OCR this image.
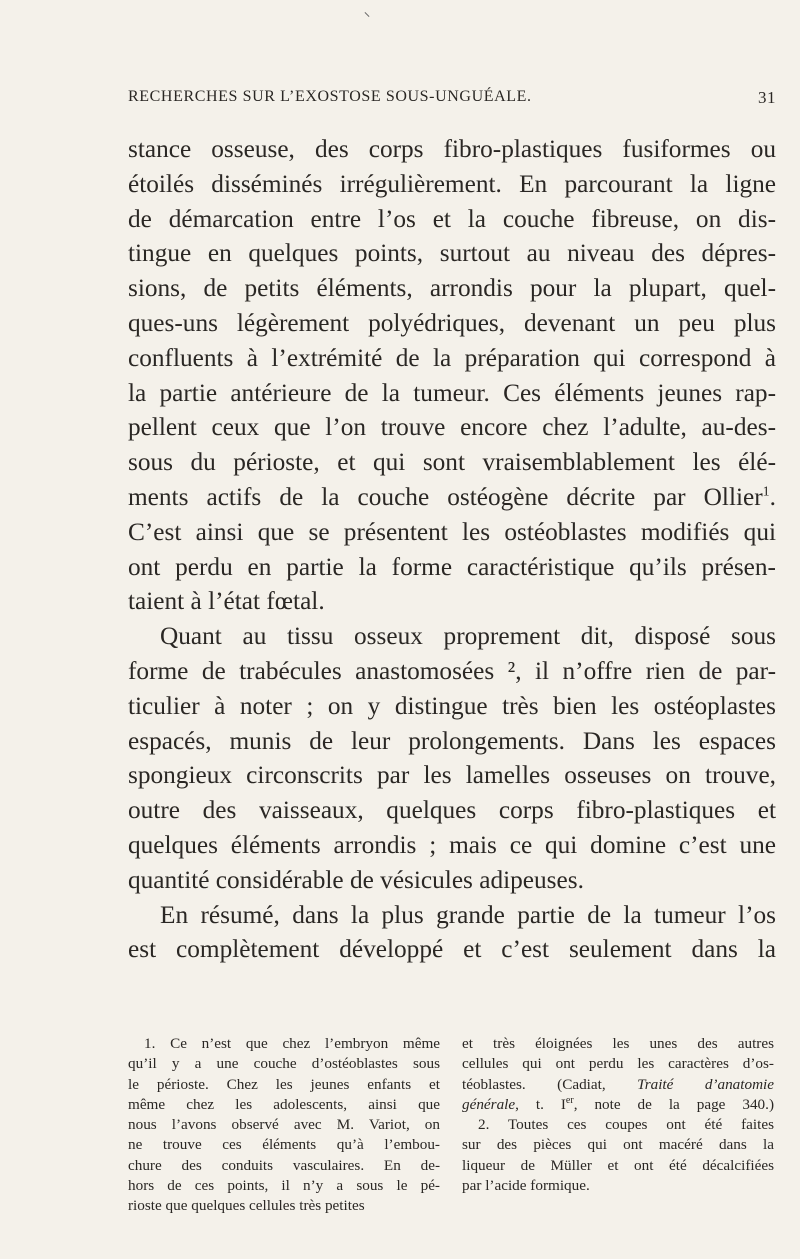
RECHERCHES SUR L’EXOSTOSE SOUS-UNGUÉALE.	31
stance osseuse, des corps fibro-plastiques fusiformes ou
étoilés disséminés irrégulièrement. En parcourant la ligne
de démarcation entre l’os et la couche fibreuse, on dis-
tingue en quelques points, surtout au niveau des dépres-
sions, de petits éléments, arrondis pour la plupart, quel-
ques-uns légèrement polyédriques, devenant un peu plus
confluents à l’extrémité de la préparation qui correspond à
la partie antérieure de la tumeur. Ces éléments jeunes rap-
pellent ceux que l’on trouve encore chez l’adulte, au-des-
sous du périoste, et qui sont vraisemblablement les élé-
ments actifs de la couche ostéogène décrite par Ollier$^1$.
C’est ainsi que se présentent les ostéoblastes modifiés qui
ont perdu en partie la forme caractéristique qu’ils présen-
taient à l’état fœtal.
Quant au tissu osseux proprement dit, disposé sous
forme de trabécules anastomosées ², il n’offre rien de par-
ticulier à noter ; on y distingue très bien les ostéoplastes
espacés, munis de leur prolongements. Dans les espaces
spongieux circonscrits par les lamelles osseuses on trouve,
outre des vaisseaux, quelques corps fibro-plastiques et
quelques éléments arrondis ; mais ce qui domine c’est une
quantité considérable de vésicules adipeuses.
En résumé, dans la plus grande partie de la tumeur l’os
est complètement développé et c’est seulement dans la
1. Ce n’est que chez l’embryon même
qu’il y a une couche d’ostéoblastes sous
le périoste. Chez les jeunes enfants et
même chez les adolescents, ainsi que
nous l’avons observé avec M. Variot, on
ne trouve ces éléments qu’à l’embou-
chure des conduits vasculaires. En de-
hors de ces points, il n’y a sous le pé-
rioste que quelques cellules très petites
et très éloignées les unes des autres
cellules qui ont perdu les caractères d’os-
téoblastes. (Cadiat, Traité d’anatomie
générale, t. Ier, note de la page 340.)
2. Toutes ces coupes ont été faites
sur des pièces qui ont macéré dans la
liqueur de Müller et ont été décalcifiées
par l’acide formique.
